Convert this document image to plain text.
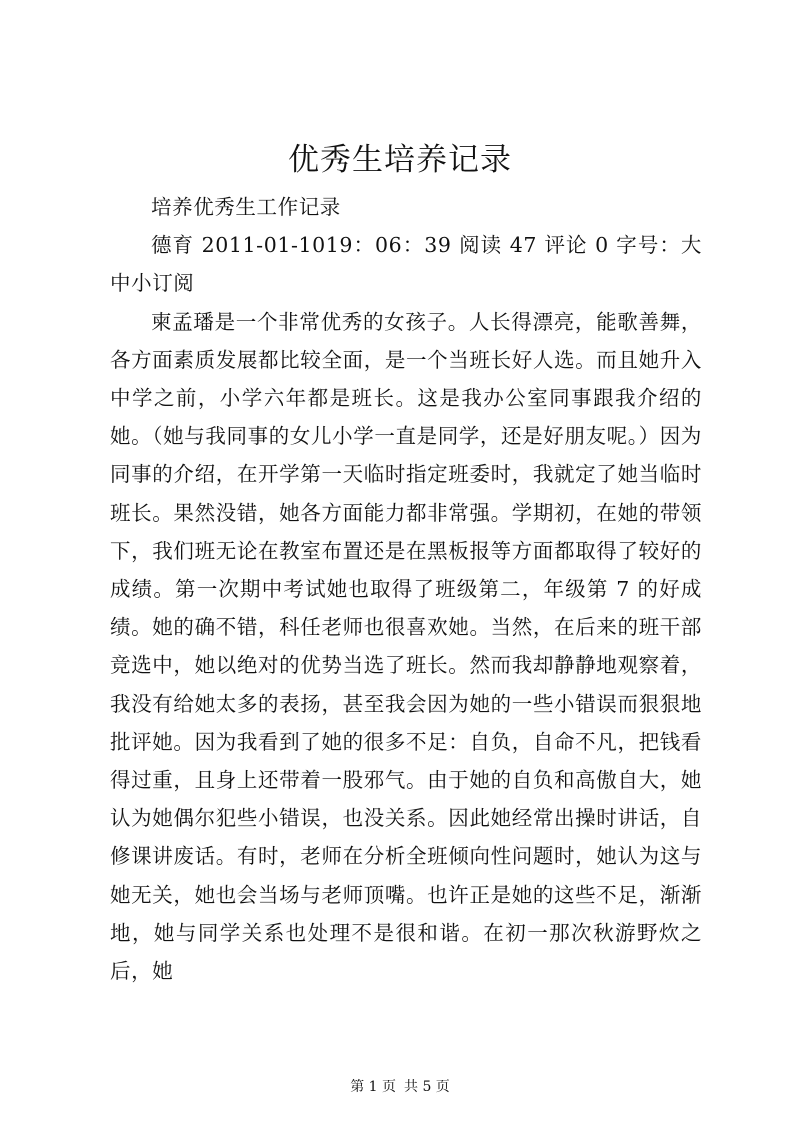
优秀生培养记录

培养优秀生工作记录

德育 2011-01-1019：06：39 阅读 47 评论 0 字号：大中小订阅

柬孟璠是一个非常优秀的女孩子。人长得漂亮，能歌善舞，各方面素质发展都比较全面，是一个当班长好人选。而且她升入中学之前，小学六年都是班长。这是我办公室同事跟我介绍的她。（她与我同事的女儿小学一直是同学，还是好朋友呢。）因为同事的介绍，在开学第一天临时指定班委时，我就定了她当临时班长。果然没错，她各方面能力都非常强。学期初，在她的带领下，我们班无论在教室布置还是在黑板报等方面都取得了较好的成绩。第一次期中考试她也取得了班级第二，年级第 7 的好成绩。她的确不错，科任老师也很喜欢她。当然，在后来的班干部竞选中，她以绝对的优势当选了班长。然而我却静静地观察着，我没有给她太多的表扬，甚至我会因为她的一些小错误而狠狠地批评她。因为我看到了她的很多不足：自负，自命不凡，把钱看得过重，且身上还带着一股邪气。由于她的自负和高傲自大，她认为她偶尔犯些小错误，也没关系。因此她经常出操时讲话，自修课讲废话。有时，老师在分析全班倾向性问题时，她认为这与她无关，她也会当场与老师顶嘴。也许正是她的这些不足，渐渐地，她与同学关系也处理不是很和谐。在初一那次秋游野炊之后，她

第 1 页 共 5 页
